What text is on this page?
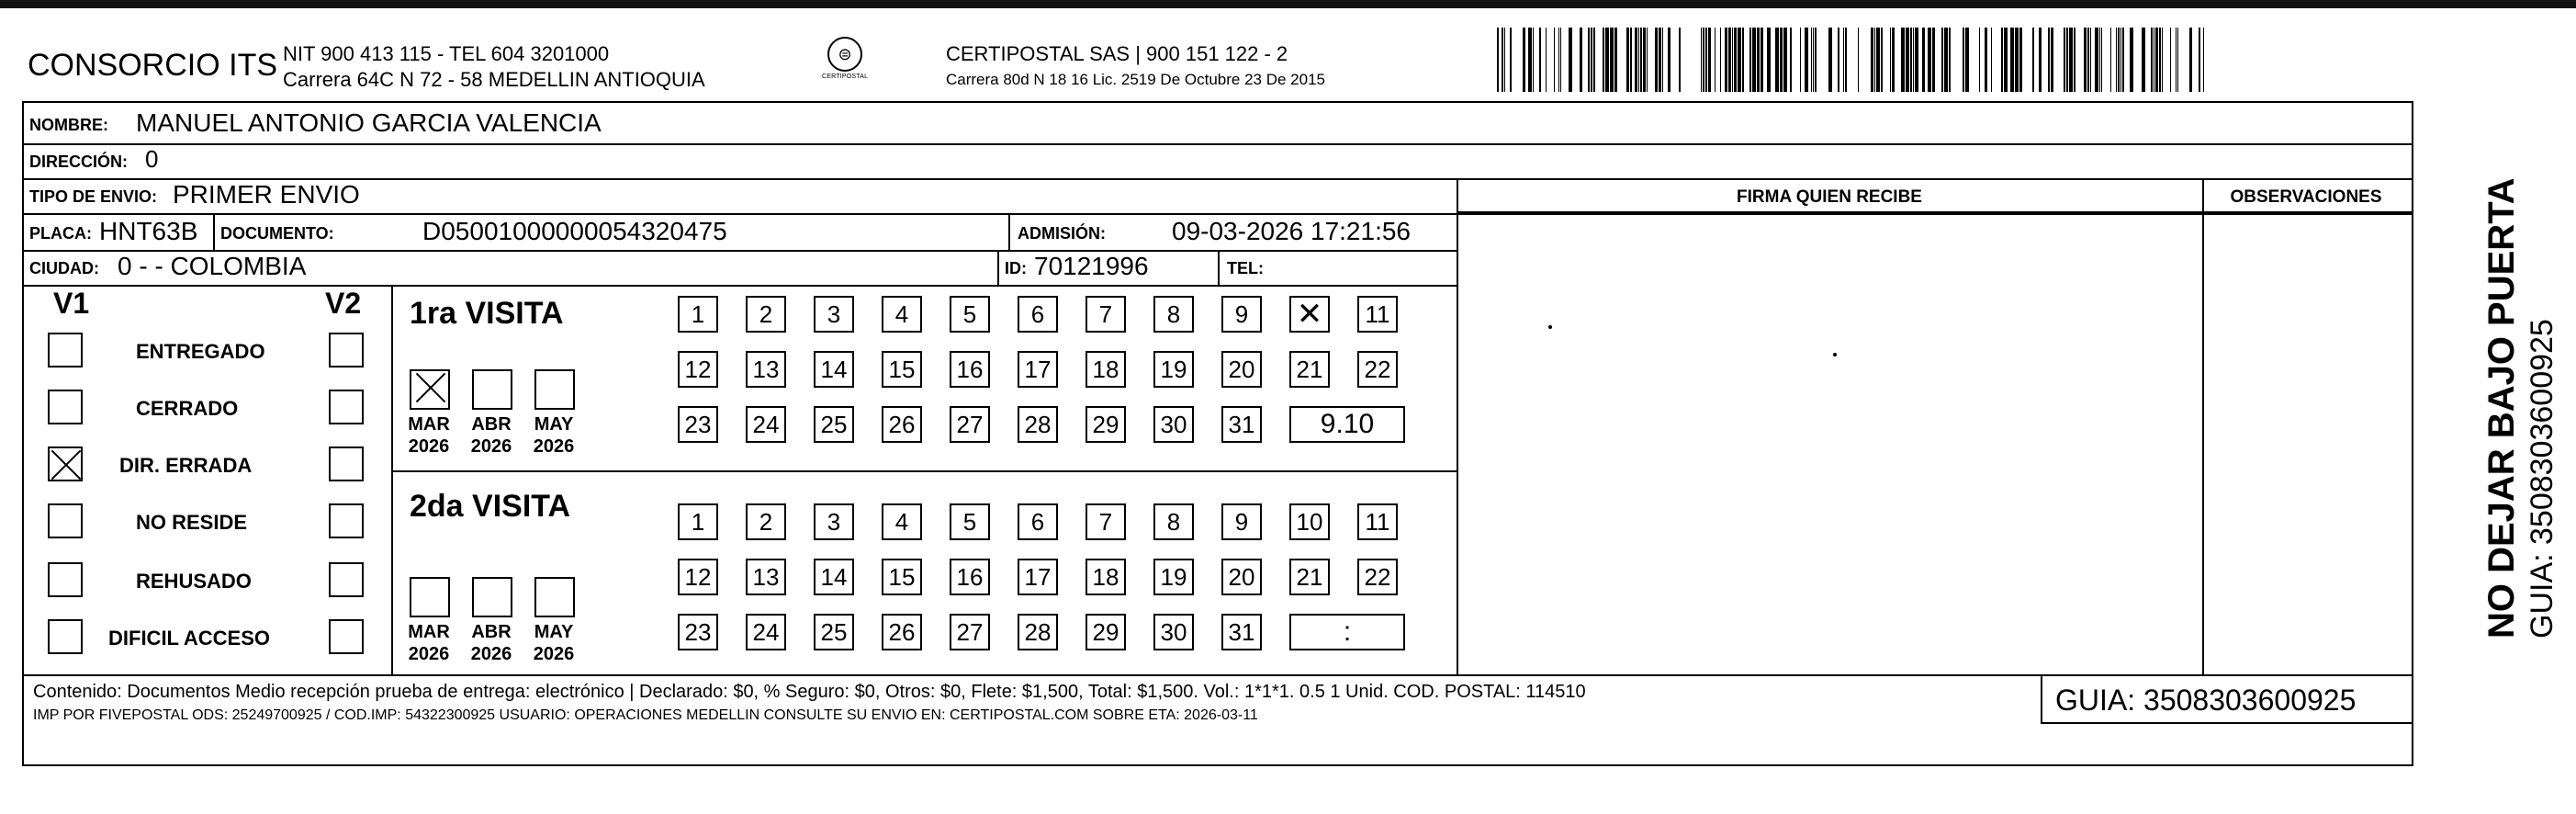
CONSORCIO ITS NIT 900 413 115 - TEL 604 3201000
Carrera 64C N 72 - 58 MEDELLIN ANTIOQUIA
⊜
CERTIPOSTAL
CERTIPOSTAL SAS | 900 151 122 - 2
Carrera 80d N 18 16 Lic. 2519 De Octubre 23 De 2015
NOMBRE: MANUEL ANTONIO GARCIA VALENCIA
DIRECCIÓN: 0
TIPO DE ENVIO: PRIMER ENVIO	FIRMA QUIEN RECIBE	OBSERVACIONES
PLACA: HNT63B DOCUMENTO:	D05001000000054320475	ADMISIÓN:	09-03-2026 17:21:56
CIUDAD: 0 - - COLOMBIA	ID: 70121996	TEL:
V1	V2
ENTREGADO
CERRADO
DIR. ERRADA
NO RESIDE
REHUSADO
DIFICIL ACCESO
1ra VISITA
2da VISITA
MAR
2026
ABR
2026
MAY
2026
1	2	3	4	5	6	7	8	9
✕	11
12 13 14 15 16 17 18 19 20 21 22
23 24 25 26 27 28 29 30 31	9.10
MAR
2026
ABR
2026
MAY
2026
1	2	3	4	5	6	7	8	9	10	11
12 13 14 15 16 17 18 19 20 21 22
23 24 25 26 27 28 29 30 31	:
Contenido: Documentos Medio recepción prueba de entrega: electrónico | Declarado: $0, % Seguro: $0, Otros: $0, Flete: $1,500, Total: $1,500. Vol.: 1*1*1. 0.5 1 Unid. COD. POSTAL: 114510
IMP POR FIVEPOSTAL ODS: 25249700925 / COD.IMP: 54322300925 USUARIO: OPERACIONES MEDELLIN CONSULTE SU ENVIO EN: CERTIPOSTAL.COM SOBRE ETA: 2026-03-11	GUIA: 3508303600925
NO DEJAR BAJO PUERTA GUIA: 3508303600925
